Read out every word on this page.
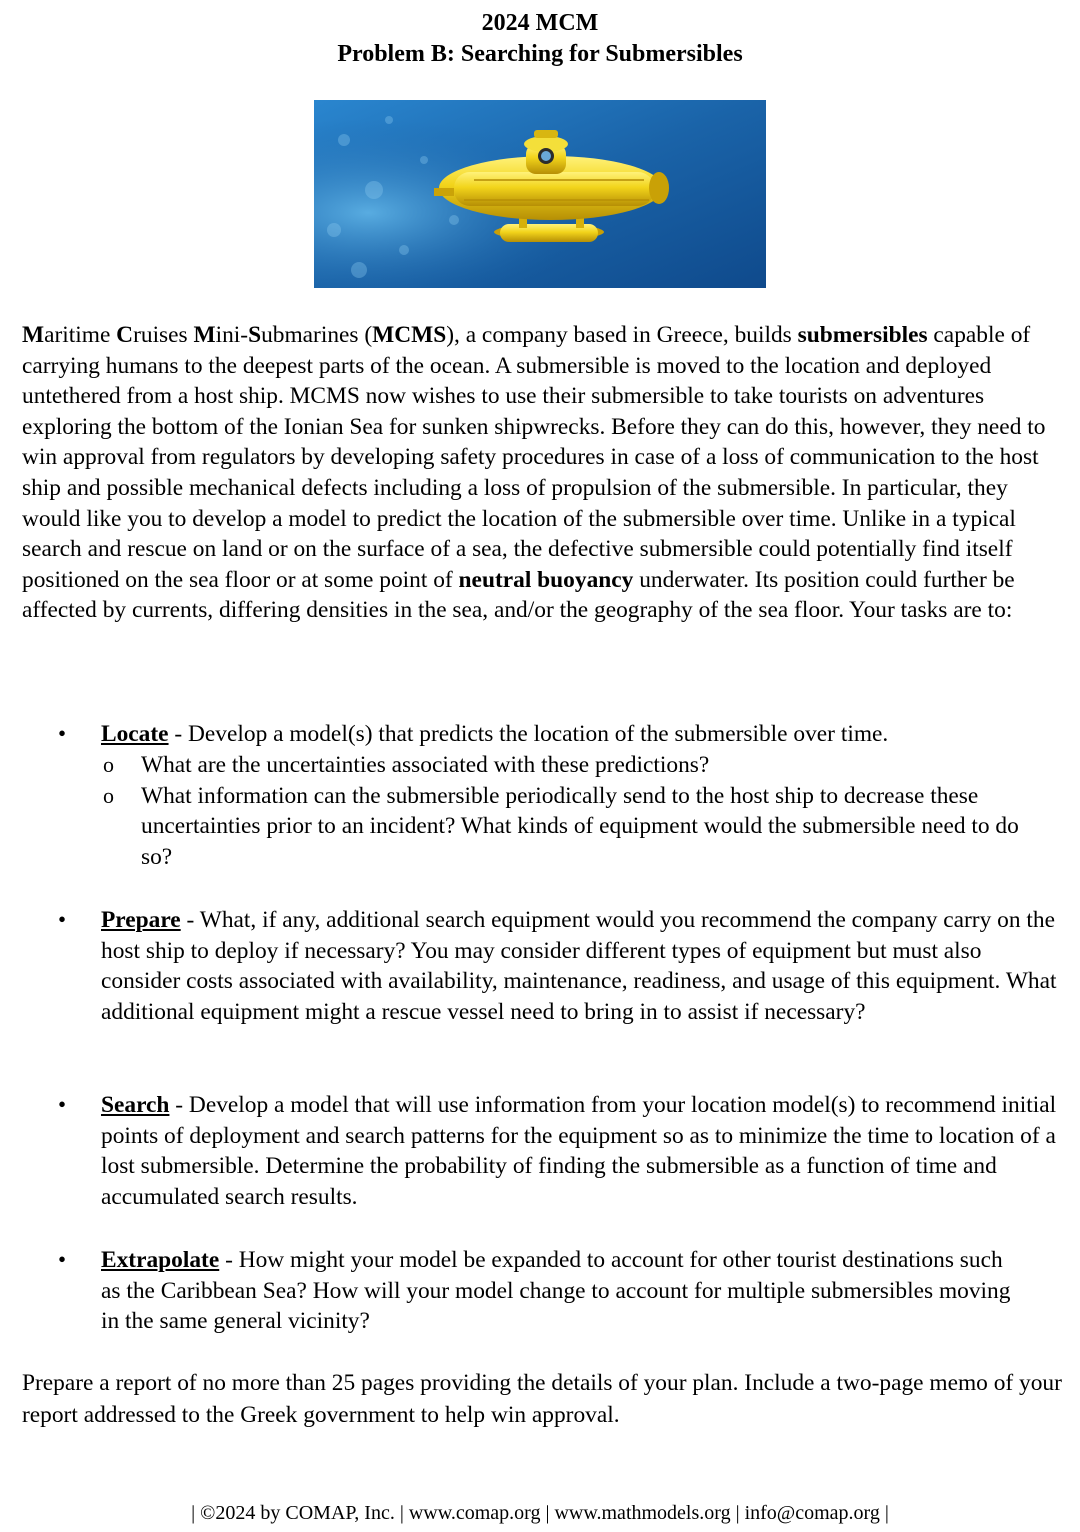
2024 MCM
Problem B: Searching for Submersibles

Maritime Cruises Mini-Submarines (MCMS), a company based in Greece, builds submersibles capable of carrying humans to the deepest parts of the ocean. A submersible is moved to the location and deployed untethered from a host ship. MCMS now wishes to use their submersible to take tourists on adventures exploring the bottom of the Ionian Sea for sunken shipwrecks. Before they can do this, however, they need to win approval from regulators by developing safety procedures in case of a loss of communication to the host ship and possible mechanical defects including a loss of propulsion of the submersible. In particular, they would like you to develop a model to predict the location of the submersible over time. Unlike in a typical search and rescue on land or on the surface of a sea, the defective submersible could potentially find itself positioned on the sea floor or at some point of neutral buoyancy underwater. Its position could further be affected by currents, differing densities in the sea, and/or the geography of the sea floor. Your tasks are to:

•	Locate - Develop a model(s) that predicts the location of the submersible over time.

o What are the uncertainties associated with these predictions?
o What information can the submersible periodically send to the host ship to decrease these uncertainties prior to an incident? What kinds of equipment would the submersible need to do so?
•	Prepare - What, if any, additional search equipment would you recommend the company carry on the host ship to deploy if necessary? You may consider different types of equipment but must also consider costs associated with availability, maintenance, readiness, and usage of this equipment. What additional equipment might a rescue vessel need to bring in to assist if necessary?

•	Search - Develop a model that will use information from your location model(s) to recommend initial points of deployment and search patterns for the equipment so as to minimize the time to location of a lost submersible. Determine the probability of finding the submersible as a function of time and accumulated search results.

•	Extrapolate - How might your model be expanded to account for other tourist destinations such as the Caribbean Sea? How will your model change to account for multiple submersibles moving in the same general vicinity?

Prepare a report of no more than 25 pages providing the details of your plan. Include a two-page memo of your report addressed to the Greek government to help win approval.

| ©2024 by COMAP, Inc. | www.comap.org | www.mathmodels.org | info@comap.org |
